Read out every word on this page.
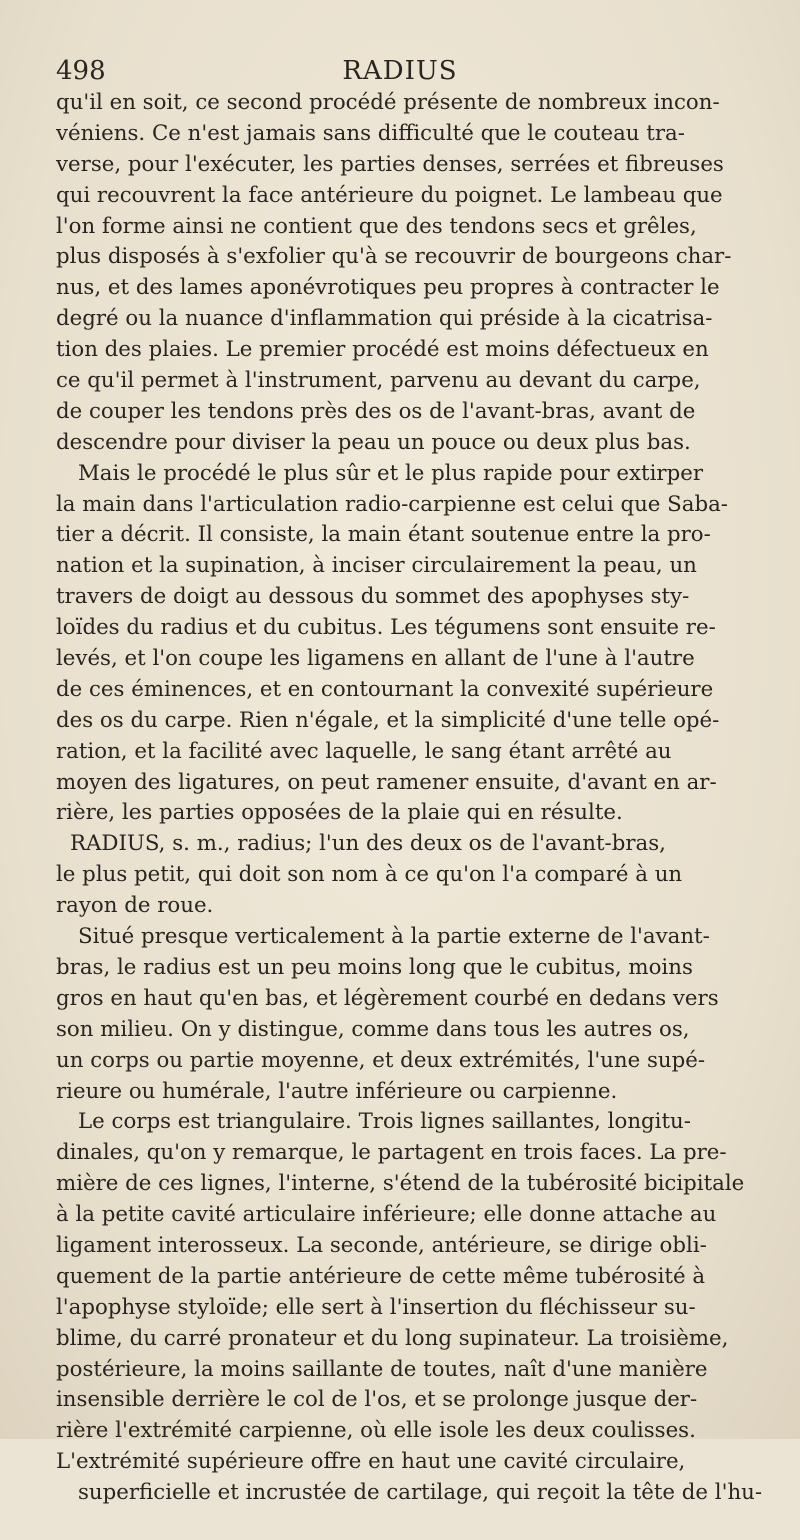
498	RADIUS
qu'il en soit, ce second procédé présente de nombreux incon-
véniens. Ce n'est jamais sans difficulté que le couteau tra-
verse, pour l'exécuter, les parties denses, serrées et fibreuses
qui recouvrent la face antérieure du poignet. Le lambeau que
l'on forme ainsi ne contient que des tendons secs et grêles,
plus disposés à s'exfolier qu'à se recouvrir de bourgeons char-
nus, et des lames aponévrotiques peu propres à contracter le
degré ou la nuance d'inflammation qui préside à la cicatrisa-
tion des plaies. Le premier procédé est moins défectueux en
ce qu'il permet à l'instrument, parvenu au devant du carpe,
de couper les tendons près des os de l'avant-bras, avant de
descendre pour diviser la peau un pouce ou deux plus bas.
Mais le procédé le plus sûr et le plus rapide pour extirper
la main dans l'articulation radio-carpienne est celui que Saba-
tier a décrit. Il consiste, la main étant soutenue entre la pro-
nation et la supination, à inciser circulairement la peau, un
travers de doigt au dessous du sommet des apophyses sty-
loïdes du radius et du cubitus. Les tégumens sont ensuite re-
levés, et l'on coupe les ligamens en allant de l'une à l'autre
de ces éminences, et en contournant la convexité supérieure
des os du carpe. Rien n'égale, et la simplicité d'une telle opé-
ration, et la facilité avec laquelle, le sang étant arrêté au
moyen des ligatures, on peut ramener ensuite, d'avant en ar-
rière, les parties opposées de la plaie qui en résulte.
RADIUS, s. m., radius; l'un des deux os de l'avant-bras,
le plus petit, qui doit son nom à ce qu'on l'a comparé à un
rayon de roue.
Situé presque verticalement à la partie externe de l'avant-
bras, le radius est un peu moins long que le cubitus, moins
gros en haut qu'en bas, et légèrement courbé en dedans vers
son milieu. On y distingue, comme dans tous les autres os,
un corps ou partie moyenne, et deux extrémités, l'une supé-
rieure ou humérale, l'autre inférieure ou carpienne.
Le corps est triangulaire. Trois lignes saillantes, longitu-
dinales, qu'on y remarque, le partagent en trois faces. La pre-
mière de ces lignes, l'interne, s'étend de la tubérosité bicipitale
à la petite cavité articulaire inférieure; elle donne attache au
ligament interosseux. La seconde, antérieure, se dirige obli-
quement de la partie antérieure de cette même tubérosité à
l'apophyse styloïde; elle sert à l'insertion du fléchisseur su-
blime, du carré pronateur et du long supinateur. La troisième,
postérieure, la moins saillante de toutes, naît d'une manière
insensible derrière le col de l'os, et se prolonge jusque der-
rière l'extrémité carpienne, où elle isole les deux coulisses.
L'extrémité supérieure offre en haut une cavité circulaire,
superficielle et incrustée de cartilage, qui reçoit la tête de l'hu-
